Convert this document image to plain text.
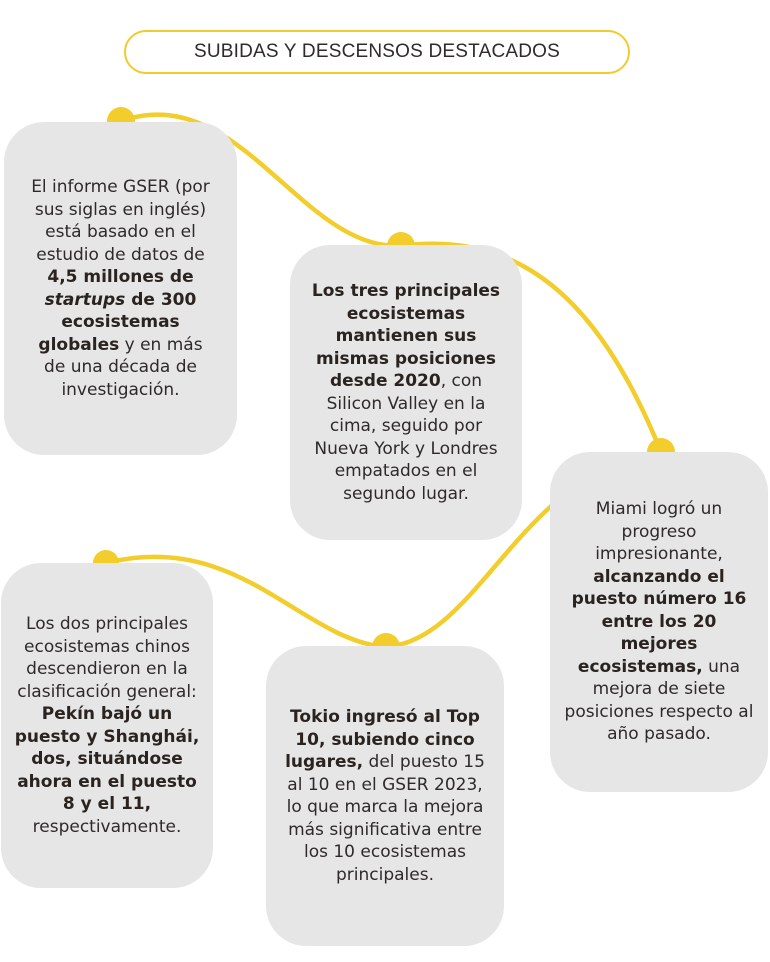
SUBIDAS Y DESCENSOS DESTACADOS

El informe GSER (por sus siglas en inglés) está basado en el estudio de datos de 4,5 millones de startups de 300 ecosistemas globales y en más de una década de investigación.

Los tres principales ecosistemas mantienen sus mismas posiciones desde 2020, con Silicon Valley en la cima, seguido por Nueva York y Londres empatados en el segundo lugar.

Miami logró un progreso impresionante, alcanzando el puesto número 16 entre los 20 mejores ecosistemas, una mejora de siete posiciones respecto al año pasado.

Los dos principales ecosistemas chinos descendieron en la clasificación general: Pekín bajó un puesto y Shanghái, dos, situándose ahora en el puesto 8 y el 11, respectivamente.

Tokio ingresó al Top 10, subiendo cinco lugares, del puesto 15 al 10 en el GSER 2023, lo que marca la mejora más significativa entre los 10 ecosistemas principales.
